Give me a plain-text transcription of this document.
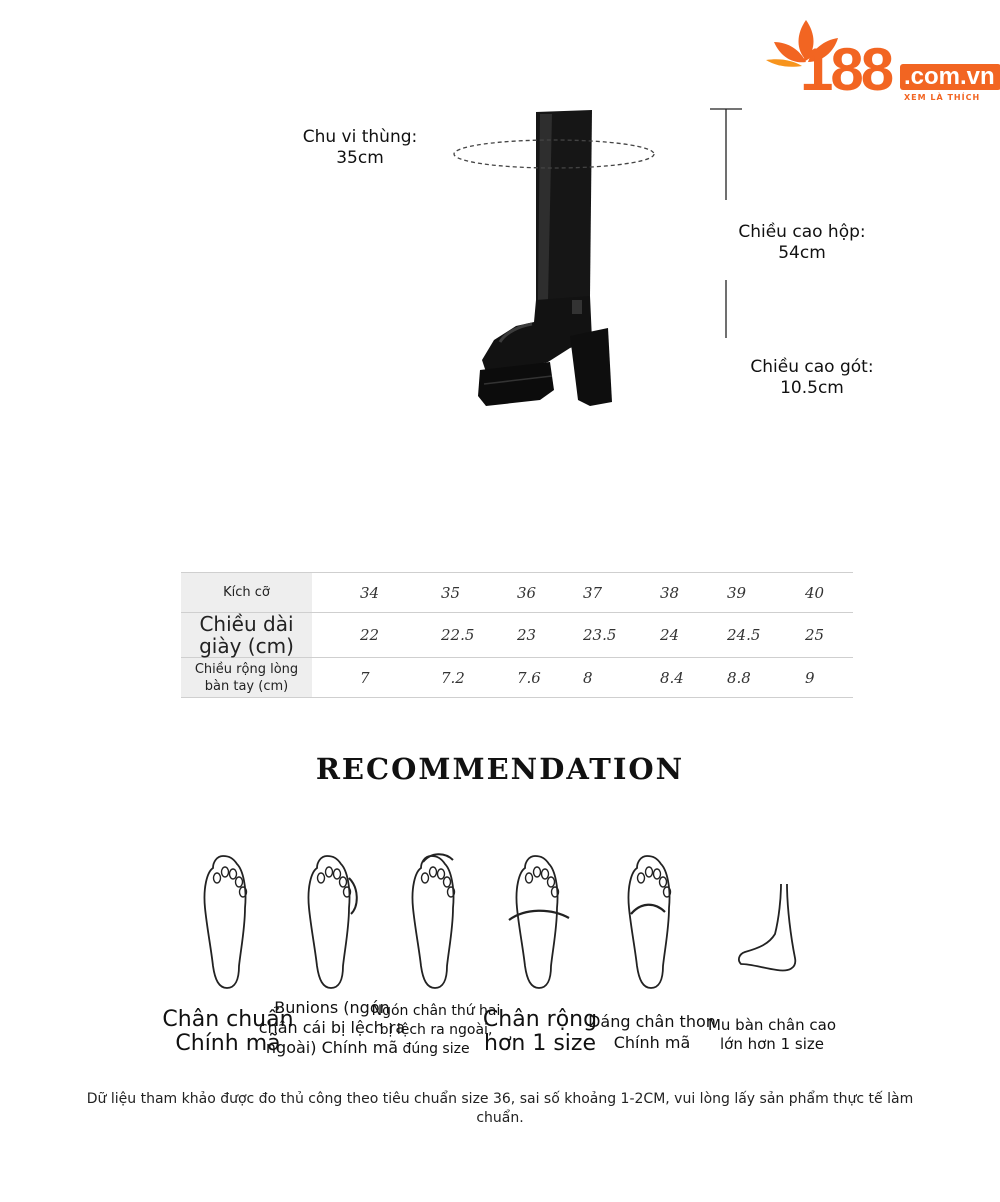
188 .com.vn
XEM LÀ THÍCH
Chu vi thùng:
35cm
Chiều cao hộp:
54cm
Chiều cao gót:
10.5cm
Kích cỡ	34	35	36	37	38	39	40
Chiều dài giày (cm)	22	22.5	23	23.5	24	24.5	25
Chiều rộng lòng bàn tay (cm)	7	7.2	7.6	8	8.4	8.8	9
RECOMMENDATION
Chân chuẩn Chính mã
Bunions (ngón chân cái bị lệch ra ngoài) Chính mã
Ngón chân thứ hai bị lệch ra ngoài, đúng size
Chân rộng hơn 1 size
Dáng chân thon Chính mã
Mu bàn chân cao lớn hơn 1 size
Dữ liệu tham khảo được đo thủ công theo tiêu chuẩn size 36, sai số khoảng 1-2CM, vui lòng lấy sản phẩm thực tế làm chuẩn.
